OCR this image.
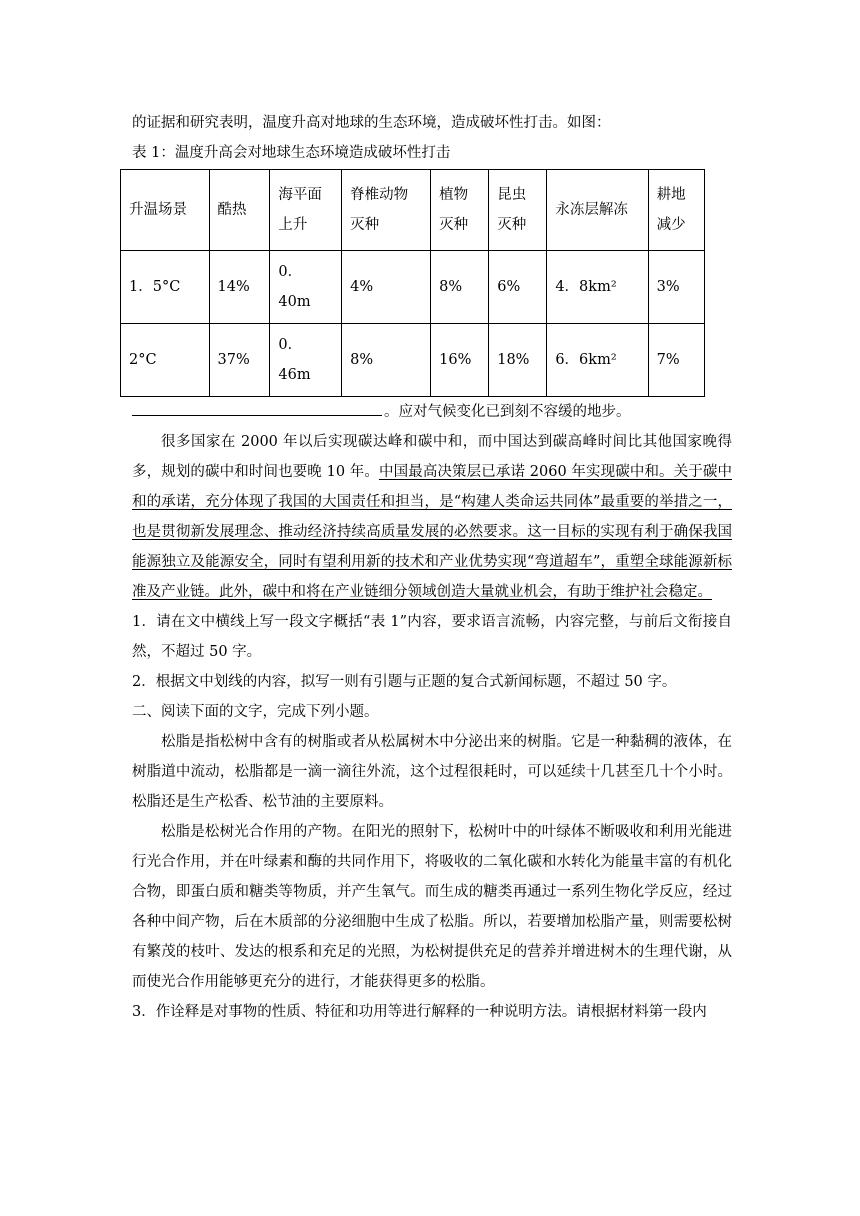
的证据和研究表明，温度升高对地球的生态环境，造成破坏性打击。如图：
表 1：温度升高会对地球生态环境造成破坏性打击
升温场景	酷热	海平面上升	脊椎动物灭种	植物灭种	昆虫灭种	永冻层解冻	耕地减少
1．5°C	14%	0．40m	4%	8%	6%	4．8km²	3%
2°C	37%	0．46m	8%	16%	18%	6．6km²	7%
。应对气候变化已到刻不容缓的地步。

很多国家在 2000 年以后实现碳达峰和碳中和，而中国达到碳高峰时间比其他国家晚得多，规划的碳中和时间也要晚 10 年。中国最高决策层已承诺 2060 年实现碳中和。关于碳中和的承诺，充分体现了我国的大国责任和担当，是“构建人类命运共同体”最重要的举措之一，也是贯彻新发展理念、推动经济持续高质量发展的必然要求。这一目标的实现有利于确保我国能源独立及能源安全，同时有望利用新的技术和产业优势实现“弯道超车”，重塑全球能源新标准及产业链。此外，碳中和将在产业链细分领域创造大量就业机会，有助于维护社会稳定。

1．请在文中横线上写一段文字概括“表 1”内容，要求语言流畅，内容完整，与前后文衔接自然，不超过 50 字。

2．根据文中划线的内容，拟写一则有引题与正题的复合式新闻标题，不超过 50 字。

二、阅读下面的文字，完成下列小题。

松脂是指松树中含有的树脂或者从松属树木中分泌出来的树脂。它是一种黏稠的液体，在树脂道中流动，松脂都是一滴一滴往外流，这个过程很耗时，可以延续十几甚至几十个小时。松脂还是生产松香、松节油的主要原料。

松脂是松树光合作用的产物。在阳光的照射下，松树叶中的叶绿体不断吸收和利用光能进行光合作用，并在叶绿素和酶的共同作用下，将吸收的二氧化碳和水转化为能量丰富的有机化合物，即蛋白质和糖类等物质，并产生氧气。而生成的糖类再通过一系列生物化学反应，经过各种中间产物，后在木质部的分泌细胞中生成了松脂。所以，若要增加松脂产量，则需要松树有繁茂的枝叶、发达的根系和充足的光照，为松树提供充足的营养并增进树木的生理代谢，从而使光合作用能够更充分的进行，才能获得更多的松脂。

3．作诠释是对事物的性质、特征和功用等进行解释的一种说明方法。请根据材料第一段内
